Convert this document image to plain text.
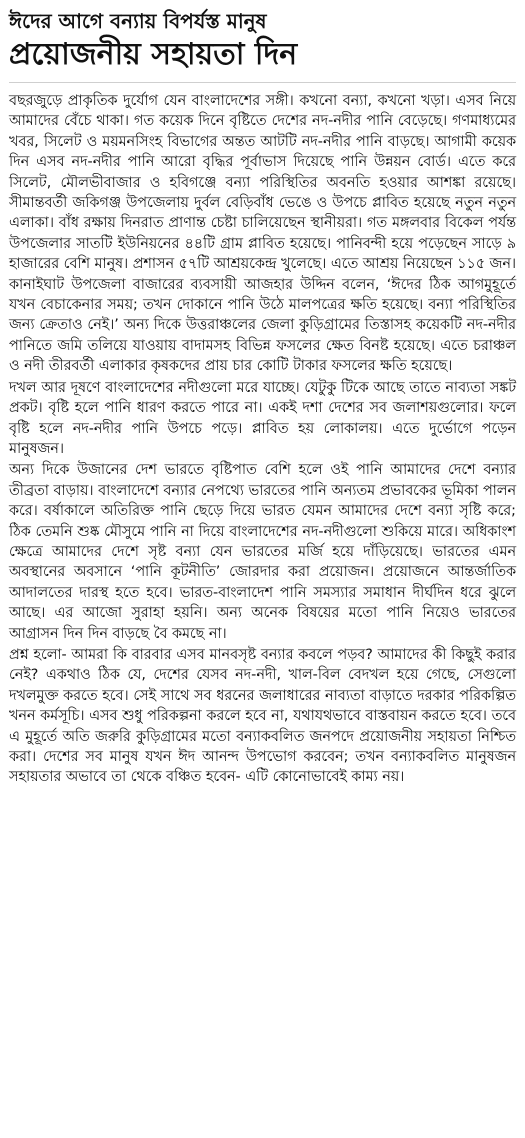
ঈদের আগে বন্যায় বিপর্যস্ত মানুষ
প্রয়োজনীয় সহায়তা দিন

বছরজুড়ে প্রাকৃতিক দুর্যোগ যেন বাংলাদেশের সঙ্গী। কখনো বন্যা, কখনো খড়া। এসব নিয়ে আমাদের বেঁচে থাকা। গত কয়েক দিনে বৃষ্টিতে দেশের নদ-নদীর পানি বেড়েছে। গণমাধ্যমের খবর, সিলেট ও ময়মনসিংহ বিভাগের অন্তত আটটি নদ-নদীর পানি বাড়ছে। আগামী কয়েক দিন এসব নদ-নদীর পানি আরো বৃদ্ধির পূর্বাভাস দিয়েছে পানি উন্নয়ন বোর্ড। এতে করে সিলেট, মৌলভীবাজার ও হবিগঞ্জে বন্যা পরিস্থিতির অবনতি হওয়ার আশঙ্কা রয়েছে। সীমান্তবর্তী জকিগঞ্জ উপজেলায় দুর্বল বেড়িবাঁধ ভেঙে ও উপচে প্লাবিত হয়েছে নতুন নতুন এলাকা। বাঁধ রক্ষায় দিনরাত প্রাণান্ত চেষ্টা চালিয়েছেন স্থানীয়রা। গত মঙ্গলবার বিকেল পর্যন্ত উপজেলার সাতটি ইউনিয়নের ৪৪টি গ্রাম প্লাবিত হয়েছে। পানিবন্দী হয়ে পড়েছেন সাড়ে ৯ হাজারের বেশি মানুষ। প্রশাসন ৫৭টি আশ্রয়কেন্দ্র খুলেছে। এতে আশ্রয় নিয়েছেন ১১৫ জন। কানাইঘাট উপজেলা বাজারের ব্যবসায়ী আজহার উদ্দিন বলেন, ‘ঈদের ঠিক আগমুহূর্তে যখন বেচাকেনার সময়; তখন দোকানে পানি উঠে মালপত্রের ক্ষতি হয়েছে। বন্যা পরিস্থিতির জন্য ক্রেতাও নেই।’ অন্য দিকে উত্তরাঞ্চলের জেলা কুড়িগ্রামের তিস্তাসহ কয়েকটি নদ-নদীর পানিতে জমি তলিয়ে যাওয়ায় বাদামসহ বিভিন্ন ফসলের ক্ষেত বিনষ্ট হয়েছে। এতে চরাঞ্চল ও নদী তীরবর্তী এলাকার কৃষকদের প্রায় চার কোটি টাকার ফসলের ক্ষতি হয়েছে।

দখল আর দূষণে বাংলাদেশের নদীগুলো মরে যাচ্ছে। যেটুকু টিকে আছে তাতে নাব্যতা সঙ্কট প্রকট। বৃষ্টি হলে পানি ধারণ করতে পারে না। একই দশা দেশের সব জলাশয়গুলোর। ফলে বৃষ্টি হলে নদ-নদীর পানি উপচে পড়ে। প্লাবিত হয় লোকালয়। এতে দুর্ভোগে পড়েন মানুষজন।

অন্য দিকে উজানের দেশ ভারতে বৃষ্টিপাত বেশি হলে ওই পানি আমাদের দেশে বন্যার তীব্রতা বাড়ায়। বাংলাদেশে বন্যার নেপথ্যে ভারতের পানি অন্যতম প্রভাবকের ভূমিকা পালন করে। বর্ষাকালে অতিরিক্ত পানি ছেড়ে দিয়ে ভারত যেমন আমাদের দেশে বন্যা সৃষ্টি করে; ঠিক তেমনি শুষ্ক মৌসুমে পানি না দিয়ে বাংলাদেশের নদ-নদীগুলো শুকিয়ে মারে। অধিকাংশ ক্ষেত্রে আমাদের দেশে সৃষ্ট বন্যা যেন ভারতের মর্জি হয়ে দাঁড়িয়েছে। ভারতের এমন অবস্থানের অবসানে ‘পানি কূটনীতি’ জোরদার করা প্রয়োজন। প্রয়োজনে আন্তর্জাতিক আদালতের দারস্থ হতে হবে। ভারত-বাংলাদেশ পানি সমস্যার সমাধান দীর্ঘদিন ধরে ঝুলে আছে। এর আজো সুরাহা হয়নি। অন্য অনেক বিষয়ের মতো পানি নিয়েও ভারতের আগ্রাসন দিন দিন বাড়ছে বৈ কমছে না।

প্রশ্ন হলো- আমরা কি বারবার এসব মানবসৃষ্ট বন্যার কবলে পড়ব? আমাদের কী কিছুই করার নেই? একথাও ঠিক যে, দেশের যেসব নদ-নদী, খাল-বিল বেদখল হয়ে গেছে, সেগুলো দখলমুক্ত করতে হবে। সেই সাথে সব ধরনের জলাধারের নাব্যতা বাড়াতে দরকার পরিকল্পিত খনন কর্মসূচি। এসব শুধু পরিকল্পনা করলে হবে না, যথাযথভাবে বাস্তবায়ন করতে হবে। তবে এ মুহূর্তে অতি জরুরি কুড়িগ্রামের মতো বন্যাকবলিত জনপদে প্রয়োজনীয় সহায়তা নিশ্চিত করা। দেশের সব মানুষ যখন ঈদ আনন্দ উপভোগ করবেন; তখন বন্যাকবলিত মানুষজন সহায়তার অভাবে তা থেকে বঞ্চিত হবেন- এটি কোনোভাবেই কাম্য নয়।
